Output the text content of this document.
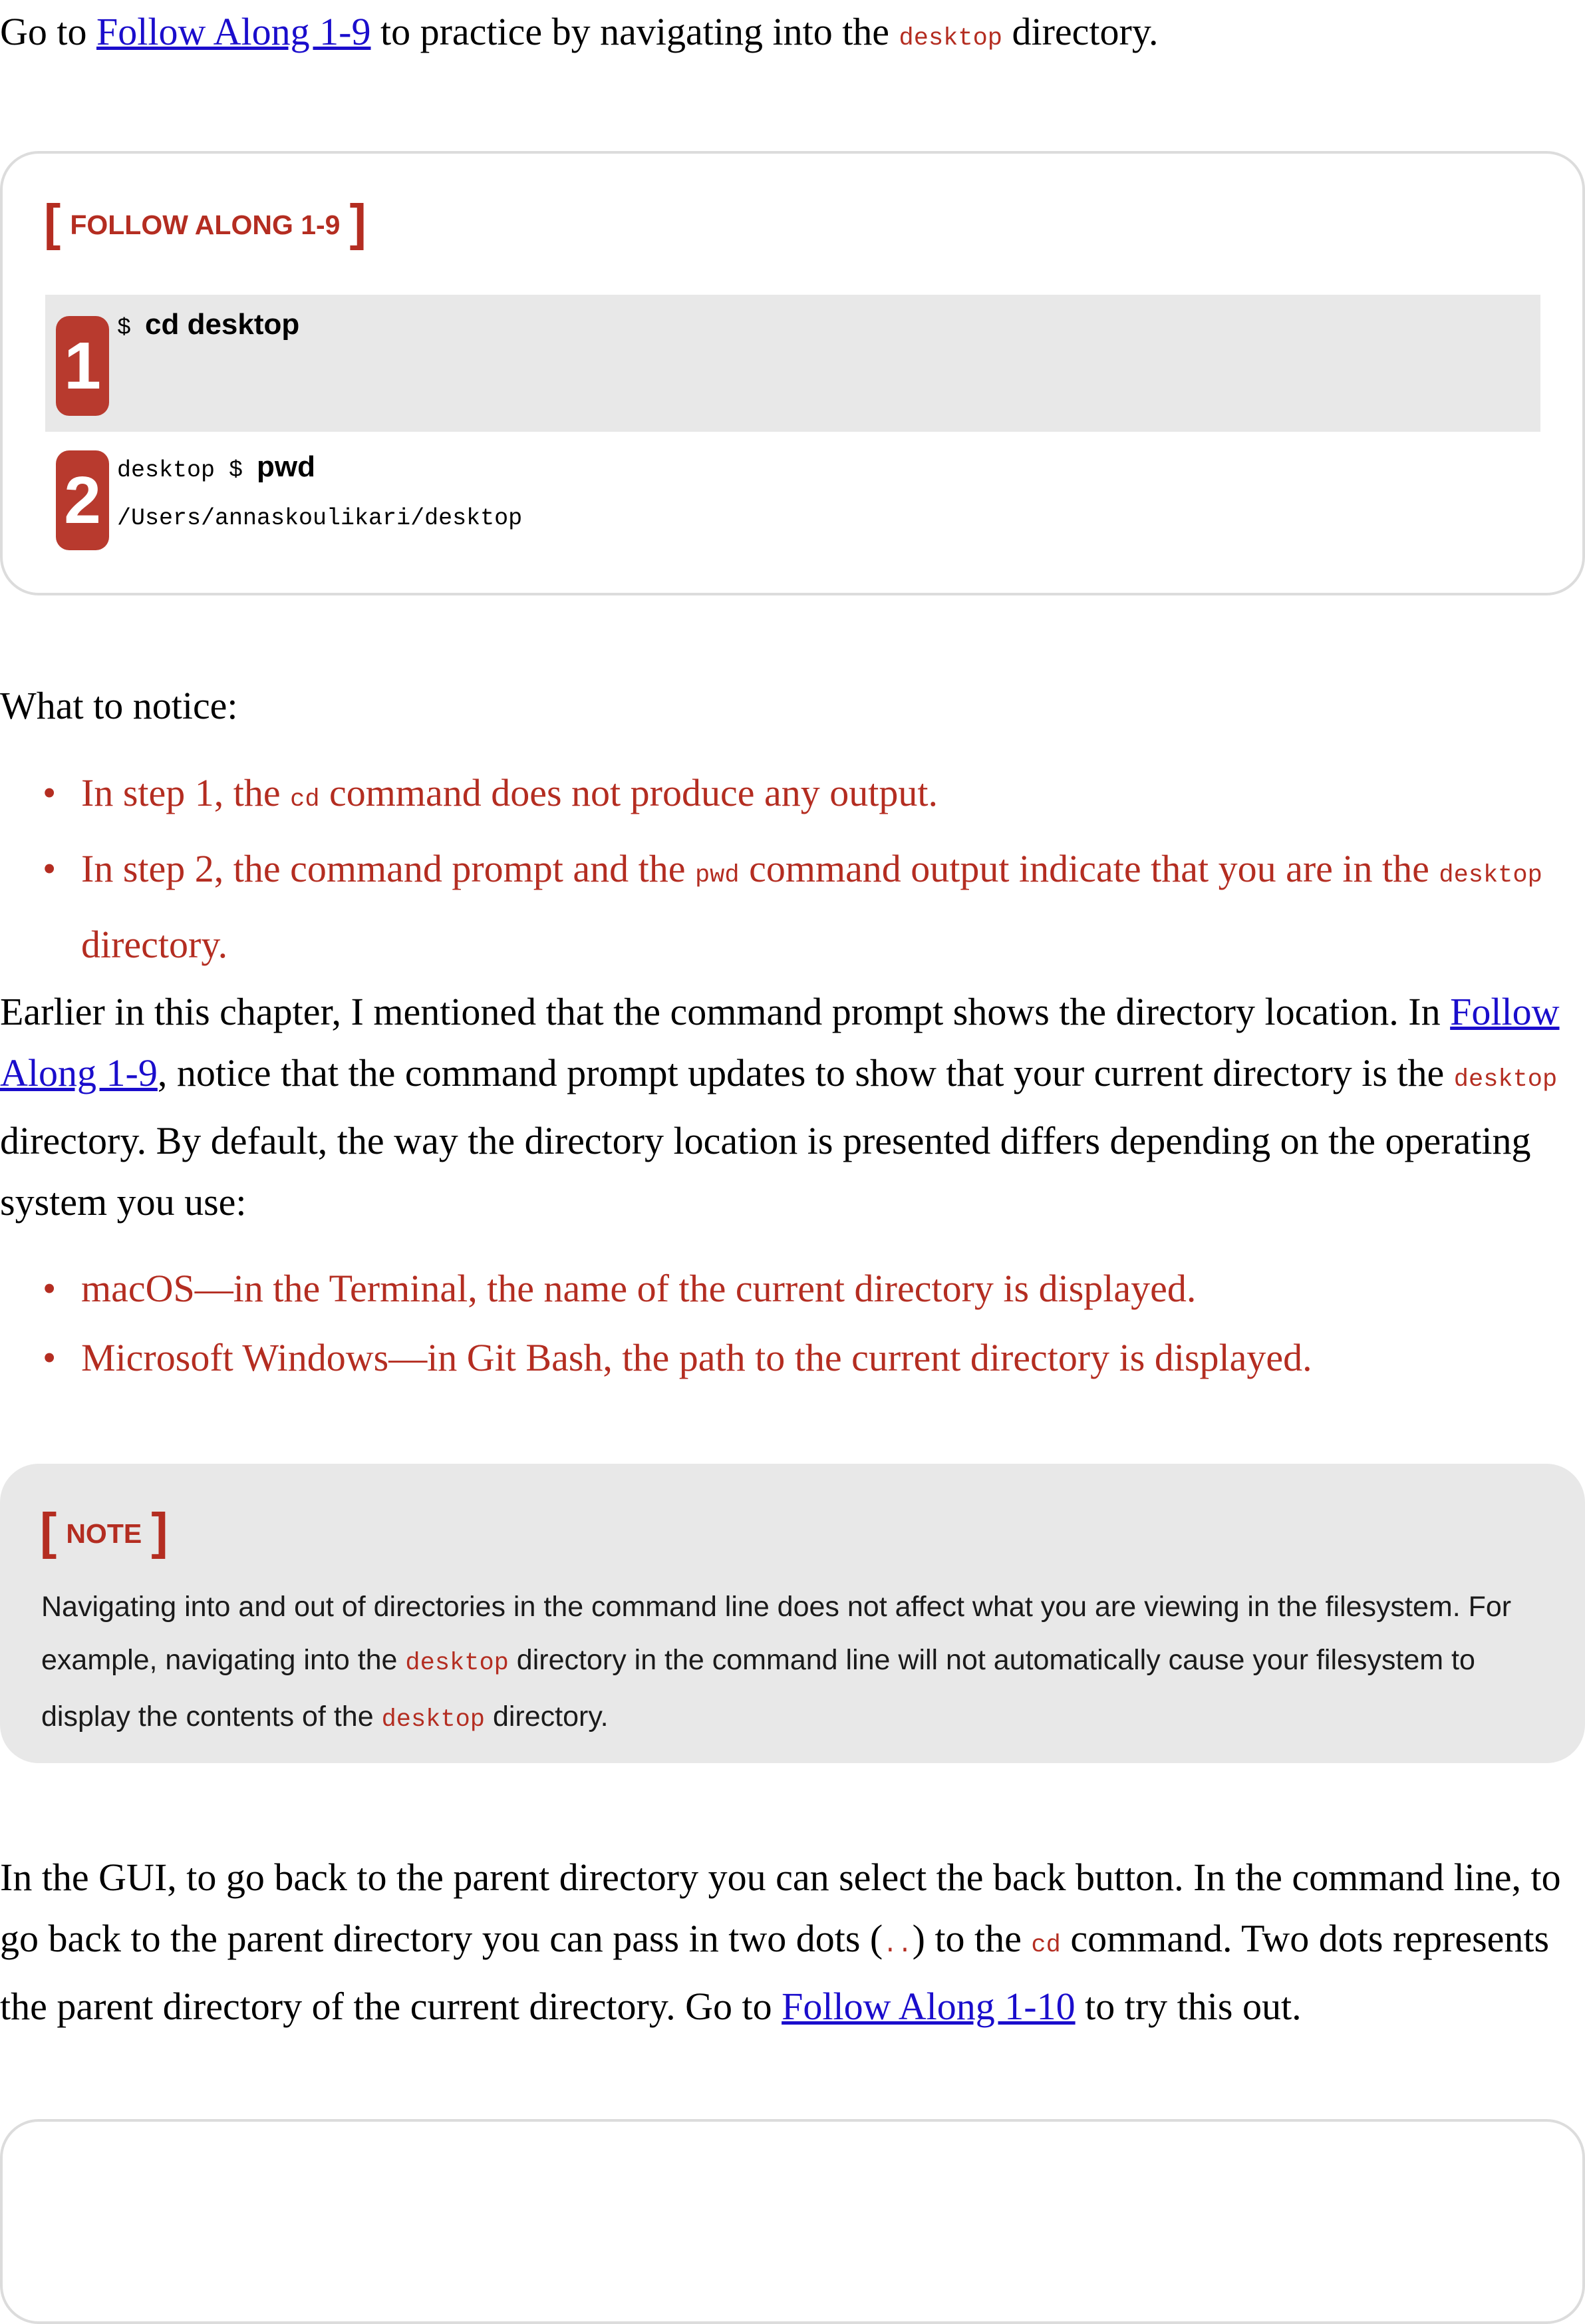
Go to Follow Along 1-9 to practice by navigating into the desktop directory.

[ FOLLOW ALONG 1-9 ]
1
$ cd desktop
2 desktop $ pwd
/Users/annaskoulikari/desktop

What to notice:

• In step 1, the cd command does not produce any output.
• In step 2, the command prompt and the pwd command output indicate that you are in the desktop directory.

Earlier in this chapter, I mentioned that the command prompt shows the directory location. In Follow Along 1-9, notice that the command prompt updates to show that your current directory is the desktop directory. By default, the way the directory location is presented differs depending on the operating system you use:

• macOS—in the Terminal, the name of the current directory is displayed.
• Microsoft Windows—in Git Bash, the path to the current directory is displayed.
[ NOTE ]

Navigating into and out of directories in the command line does not affect what you are viewing in the filesystem. For example, navigating into the desktop directory in the command line will not automatically cause your filesystem to display the contents of the desktop directory.

In the GUI, to go back to the parent directory you can select the back button. In the command line, to go back to the parent directory you can pass in two dots (..) to the cd command. Two dots represents the parent directory of the current directory. Go to Follow Along 1-10 to try this out.
